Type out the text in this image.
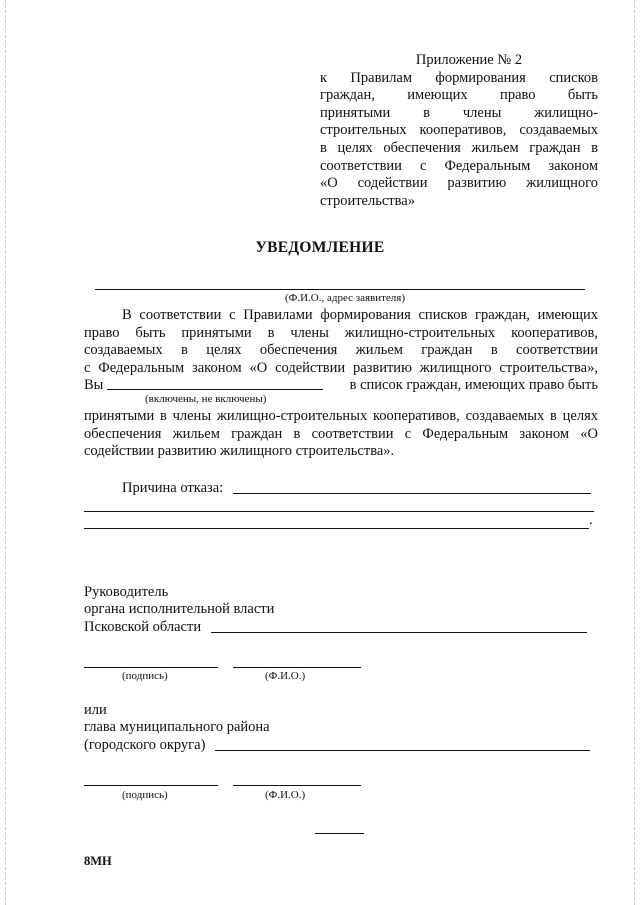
Приложение № 2
к Правилам формирования списков
граждан, имеющих право быть
принятыми в члены жилищно-
строительных кооперативов, создаваемых
в целях обеспечения жильем граждан в
соответствии с Федеральным законом
«О содействии развитию жилищного
строительства»
УВЕДОМЛЕНИЕ
(Ф.И.О., адрес заявителя)
В соответствии с Правилами формирования списков граждан, имеющих
право быть принятыми в члены жилищно-строительных кооперативов,
создаваемых в целях обеспечения жильем граждан в соответствии
с Федеральным законом «О содействии развитию жилищного строительства»,
Вы	в список граждан, имеющих право быть
(включены, не включены)
принятыми в члены жилищно-строительных кооперативов, создаваемых в целях обеспечения жильем граждан в соответствии с Федеральным законом «О содействии развитию жилищного строительства».
Причина отказа:
.
Руководитель
органа исполнительной власти
Псковской области
(подпись)	(Ф.И.О.)
или
глава муниципального района
(городского округа)
(подпись)	(Ф.И.О.)
8МН
